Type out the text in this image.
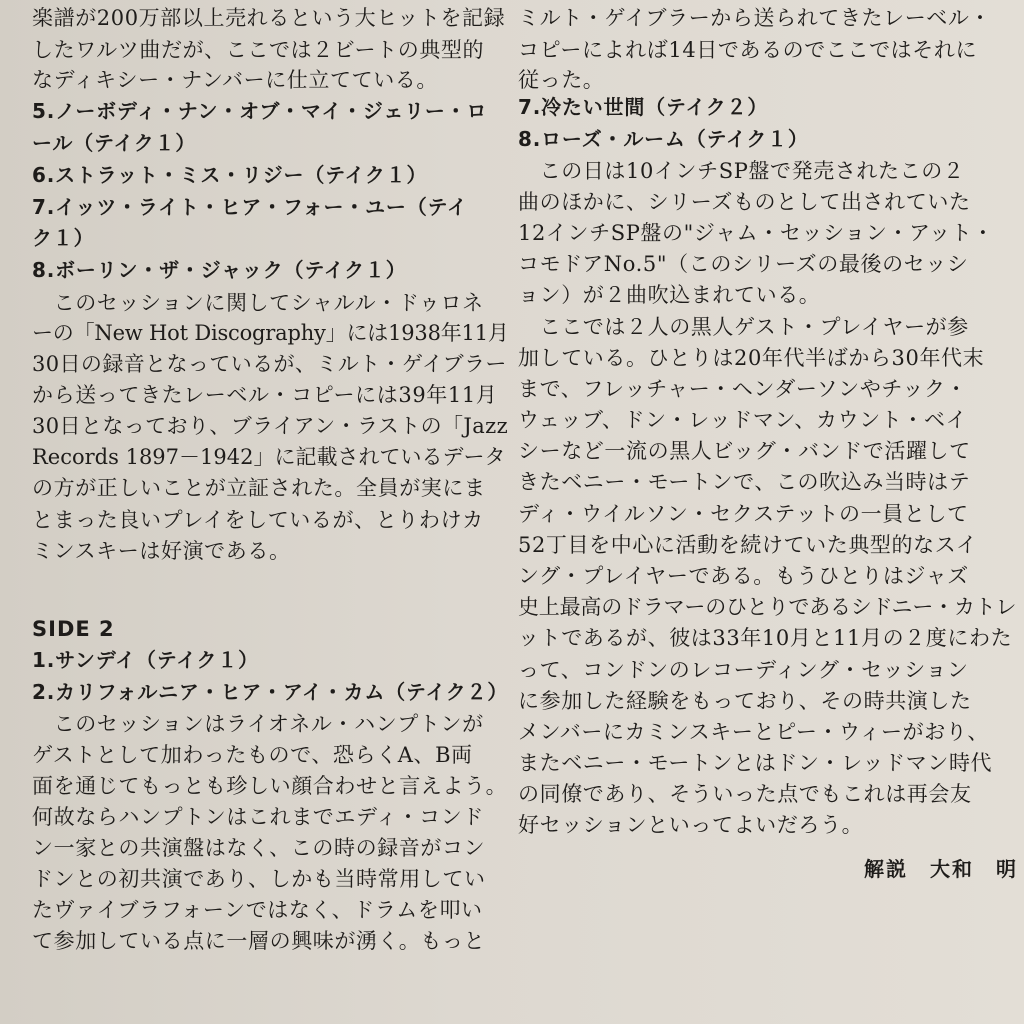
楽譜が200万部以上売れるという大ヒットを記録
したワルツ曲だが、ここでは２ビートの典型的
なディキシー・ナンバーに仕立てている。
5.ノーボディ・ナン・オブ・マイ・ジェリー・ロ
ール（テイク１）
6.ストラット・ミス・リジー（テイク１）
7.イッツ・ライト・ヒア・フォー・ユー（テイ
ク１）
8.ボーリン・ザ・ジャック（テイク１）
　このセッションに関してシャルル・ドゥロネ
ーの「New Hot Discography」には1938年11月
30日の録音となっているが、ミルト・ゲイブラー
から送ってきたレーベル・コピーには39年11月
30日となっており、ブライアン・ラストの「Jazz
Records 1897－1942」に記載されているデータ
の方が正しいことが立証された。全員が実にま
とまった良いプレイをしているが、とりわけカ
ミンスキーは好演である。
SIDE 2
1.サンデイ（テイク１）
2.カリフォルニア・ヒア・アイ・カム（テイク２）
　このセッションはライオネル・ハンプトンが
ゲストとして加わったもので、恐らくA、B両
面を通じてもっとも珍しい顔合わせと言えよう。
何故ならハンプトンはこれまでエディ・コンド
ン一家との共演盤はなく、この時の録音がコン
ドンとの初共演であり、しかも当時常用してい
たヴァイブラフォーンではなく、ドラムを叩い
て参加している点に一層の興味が湧く。もっと
ミルト・ゲイブラーから送られてきたレーベル・
コピーによれば14日であるのでここではそれに
従った。
7.冷たい世間（テイク２）
8.ローズ・ルーム（テイク１）
　この日は10インチSP盤で発売されたこの２
曲のほかに、シリーズものとして出されていた
12インチSP盤の"ジャム・セッション・アット・
コモドアNo.5"（このシリーズの最後のセッシ
ョン）が２曲吹込まれている。
　ここでは２人の黒人ゲスト・プレイヤーが参
加している。ひとりは20年代半ばから30年代末
まで、フレッチャー・ヘンダーソンやチック・
ウェッブ、ドン・レッドマン、カウント・ベイ
シーなど一流の黒人ビッグ・バンドで活躍して
きたベニー・モートンで、この吹込み当時はテ
ディ・ウイルソン・セクステットの一員として
52丁目を中心に活動を続けていた典型的なスイ
ング・プレイヤーである。もうひとりはジャズ
史上最高のドラマーのひとりであるシドニー・カトレ
ットであるが、彼は33年10月と11月の２度にわた
って、コンドンのレコーディング・セッション
に参加した経験をもっており、その時共演した
メンバーにカミンスキーとピー・ウィーがおり、
またベニー・モートンとはドン・レッドマン時代
の同僚であり、そういった点でもこれは再会友
好セッションといってよいだろう。
解説　大和　明
